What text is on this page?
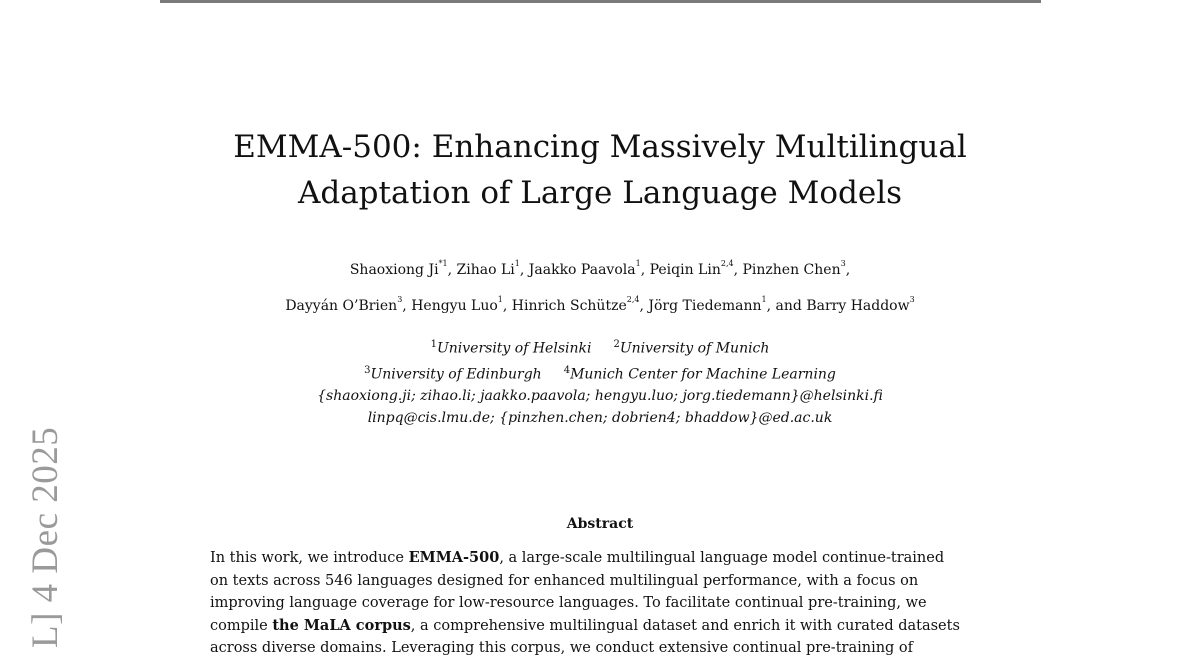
L] 4 Dec 2025
EMMA-500: Enhancing Massively Multilingual
Adaptation of Large Language Models
Shaoxiong Ji$^{*1}$, Zihao Li$^1$, Jaakko Paavola$^1$, Peiqin Lin$^{2,4}$, Pinzhen Chen$^3$,
Dayyán O’Brien$^3$, Hengyu Luo$^1$, Hinrich Schütze$^{2,4}$, Jörg Tiedemann$^1$, and Barry Haddow$^3$
$^1$University of Helsinki $^2$University of Munich
$^3$University of Edinburgh $^4$Munich Center for Machine Learning
{shaoxiong.ji; zihao.li; jaakko.paavola; hengyu.luo; jorg.tiedemann}@helsinki.fi
linpq@cis.lmu.de; {pinzhen.chen; dobrien4; bhaddow}@ed.ac.uk
Abstract

In this work, we introduce EMMA-500, a large-scale multilingual language model continue-trained
on texts across 546 languages designed for enhanced multilingual performance, with a focus on
improving language coverage for low-resource languages. To facilitate continual pre-training, we
compile the MaLA corpus, a comprehensive multilingual dataset and enrich it with curated datasets
across diverse domains. Leveraging this corpus, we conduct extensive continual pre-training of
